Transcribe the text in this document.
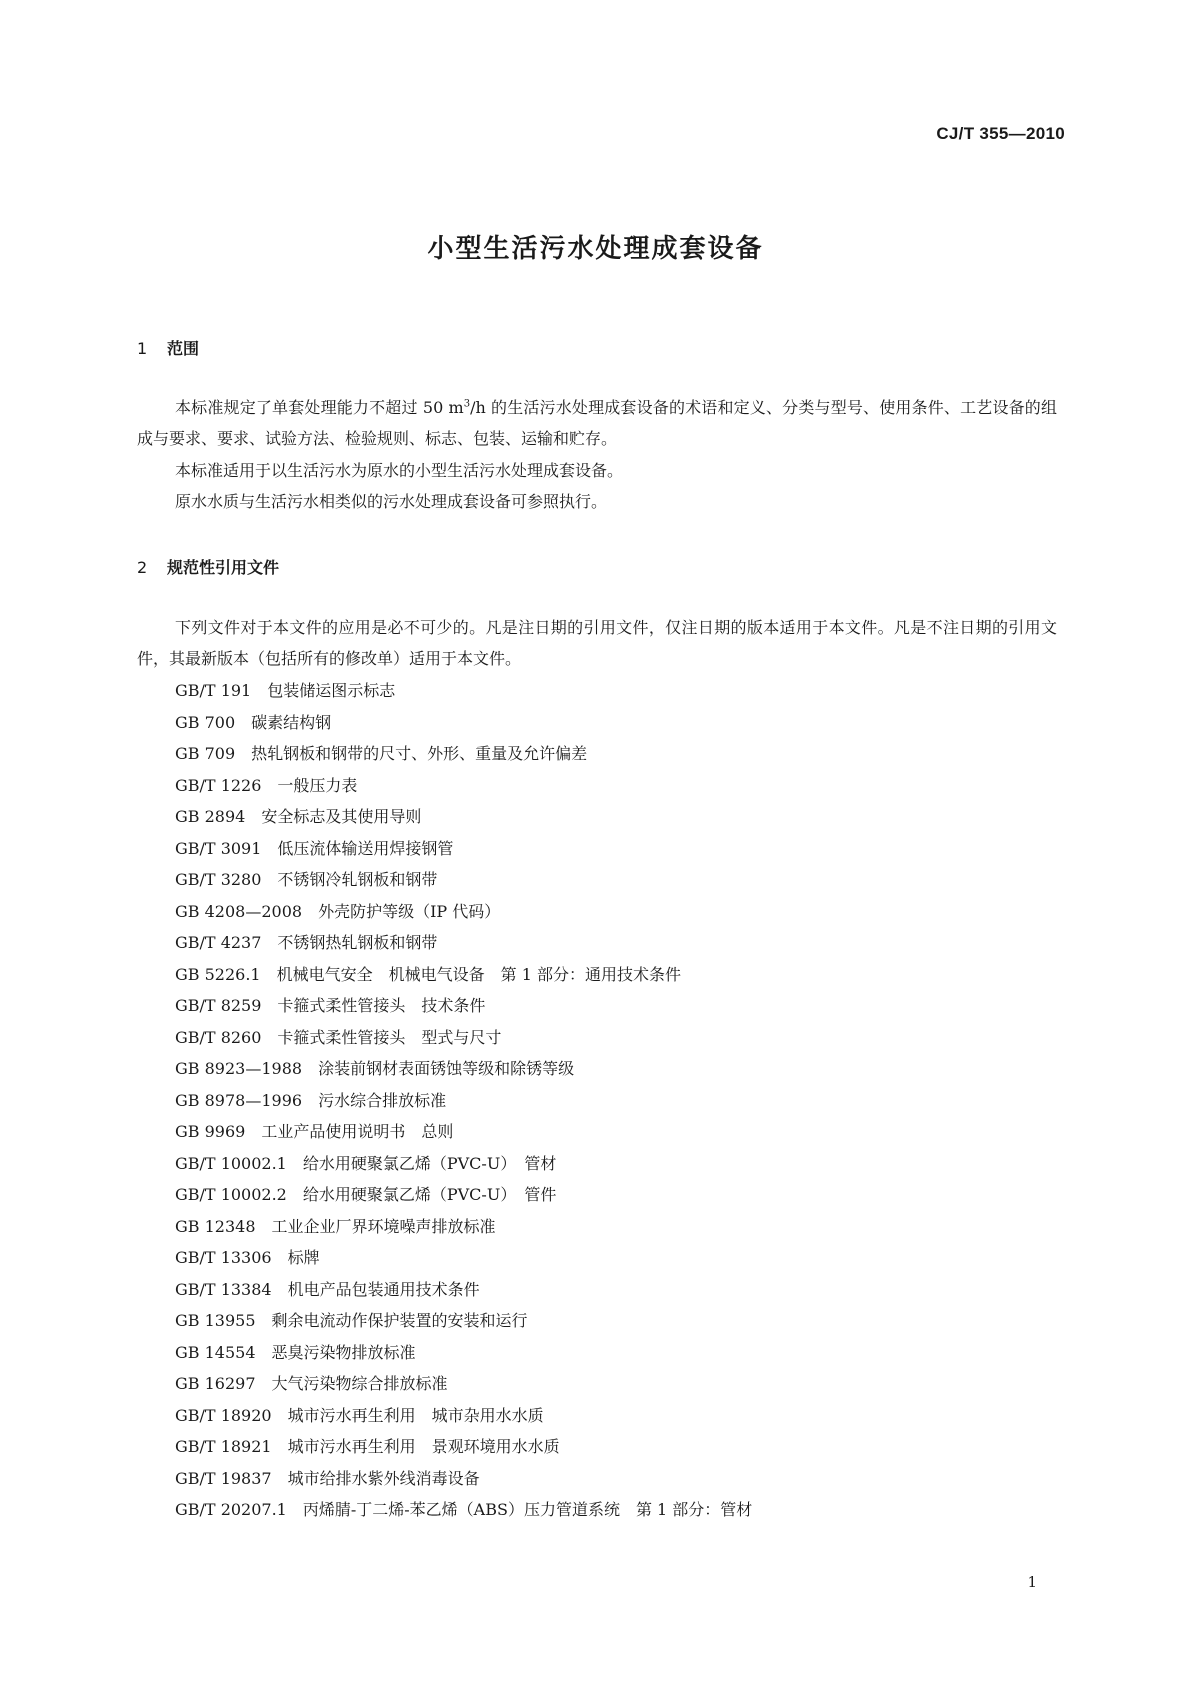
CJ/T 355—2010
小型生活污水处理成套设备
1 范围
本标准规定了单套处理能力不超过 50 $m^3/h$ 的生活污水处理成套设备的术语和定义、分类与型号、使用条件、工艺设备的组成与要求、要求、试验方法、检验规则、标志、包装、运输和贮存。
本标准适用于以生活污水为原水的小型生活污水处理成套设备。
原水水质与生活污水相类似的污水处理成套设备可参照执行。
2 规范性引用文件
下列文件对于本文件的应用是必不可少的。凡是注日期的引用文件，仅注日期的版本适用于本文件。凡是不注日期的引用文件，其最新版本（包括所有的修改单）适用于本文件。
GB/T 191 包装储运图示标志
GB 700 碳素结构钢
GB 709 热轧钢板和钢带的尺寸、外形、重量及允许偏差
GB/T 1226 一般压力表
GB 2894 安全标志及其使用导则
GB/T 3091 低压流体输送用焊接钢管
GB/T 3280 不锈钢冷轧钢板和钢带
GB 4208—2008 外壳防护等级（IP 代码）
GB/T 4237 不锈钢热轧钢板和钢带
GB 5226.1 机械电气安全　机械电气设备　第 1 部分：通用技术条件
GB/T 8259 卡箍式柔性管接头　技术条件
GB/T 8260 卡箍式柔性管接头　型式与尺寸
GB 8923—1988 涂装前钢材表面锈蚀等级和除锈等级
GB 8978—1996 污水综合排放标准
GB 9969 工业产品使用说明书　总则
GB/T 10002.1 给水用硬聚氯乙烯（PVC-U）　管材
GB/T 10002.2 给水用硬聚氯乙烯（PVC-U）　管件
GB 12348 工业企业厂界环境噪声排放标准
GB/T 13306 标牌
GB/T 13384 机电产品包装通用技术条件
GB 13955 剩余电流动作保护装置的安装和运行
GB 14554 恶臭污染物排放标准
GB 16297 大气污染物综合排放标准
GB/T 18920 城市污水再生利用　城市杂用水水质
GB/T 18921 城市污水再生利用　景观环境用水水质
GB/T 19837 城市给排水紫外线消毒设备
GB/T 20207.1 丙烯腈-丁二烯-苯乙烯（ABS）压力管道系统　第 1 部分：管材
1
